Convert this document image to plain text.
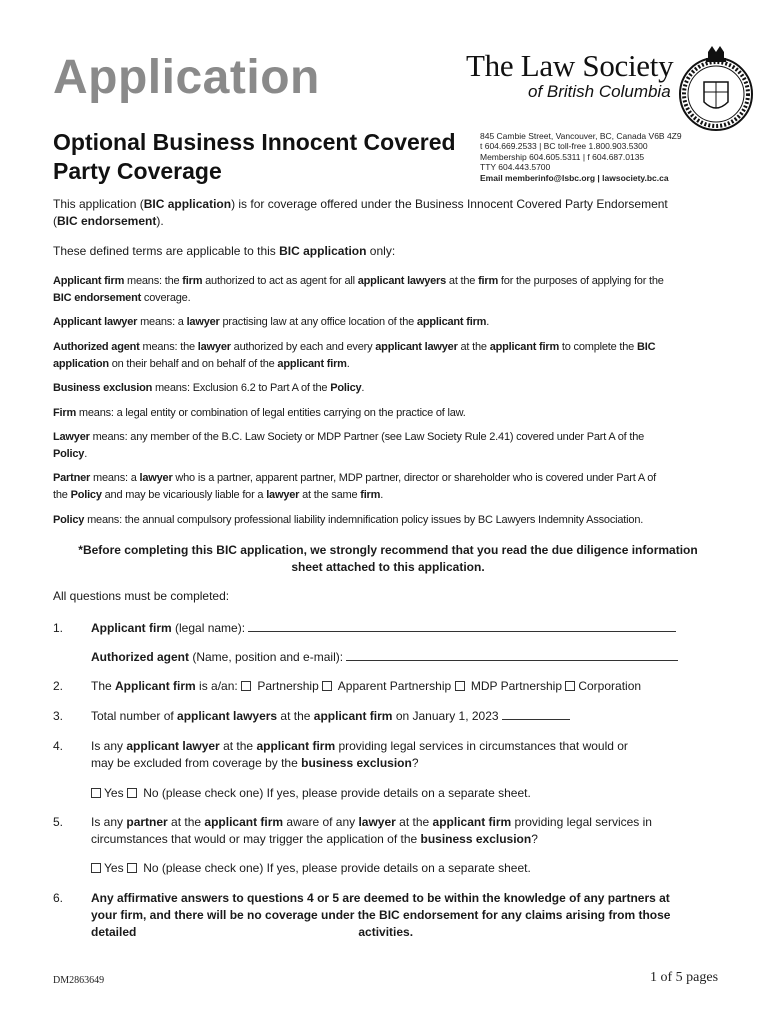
Application	The Law Society
of British Columbia
Optional Business Innocent Covered
Party Coverage
845 Cambie Street, Vancouver, BC, Canada V6B 4Z9
t 604.669.2533 | BC toll-free 1.800.903.5300
Membership 604.605.5311 | f 604.687.0135
TTY 604.443.5700
Email memberinfo@lsbc.org | lawsociety.bc.ca
This application (BIC application) is for coverage offered under the Business Innocent Covered Party Endorsement
(BIC endorsement).
These defined terms are applicable to this BIC application only:
Applicant firm means: the firm authorized to act as agent for all applicant lawyers at the firm for the purposes of applying for the
BIC endorsement coverage.
Applicant lawyer means: a lawyer practising law at any office location of the applicant firm.
Authorized agent means: the lawyer authorized by each and every applicant lawyer at the applicant firm to complete the BIC
application on their behalf and on behalf of the applicant firm.
Business exclusion means: Exclusion 6.2 to Part A of the Policy.
Firm means: a legal entity or combination of legal entities carrying on the practice of law.
Lawyer means: any member of the B.C. Law Society or MDP Partner (see Law Society Rule 2.41) covered under Part A of the
Policy.
Partner means: a lawyer who is a partner, apparent partner, MDP partner, director or shareholder who is covered under Part A of
the Policy and may be vicariously liable for a lawyer at the same firm.
Policy means: the annual compulsory professional liability indemnification policy issues by BC Lawyers Indemnity Association.
*Before completing this BIC application, we strongly recommend that you read the due diligence information
sheet attached to this application.
All questions must be completed:
1. Applicant firm (legal name):
Authorized agent (Name, position and e-mail):
2. The Applicant firm is a/an:  Partnership  Apparent Partnership  MDP Partnership Corporation
3. Total number of applicant lawyers at the applicant firm on January 1, 2023
4. Is any applicant lawyer at the applicant firm providing legal services in circumstances that would or
may be excluded from coverage by the business exclusion?
Yes  No (please check one) If yes, please provide details on a separate sheet.
5. Is any partner at the applicant firm aware of any lawyer at the applicant firm providing legal services in
circumstances that would or may trigger the application of the business exclusion?
Yes  No (please check one) If yes, please provide details on a separate sheet.
6. Any affirmative answers to questions 4 or 5 are deemed to be within the knowledge of any partners at
your firm, and there will be no coverage under the BIC endorsement for any claims arising from those
detailed	activities.
DM2863649	1 of 5 pages
